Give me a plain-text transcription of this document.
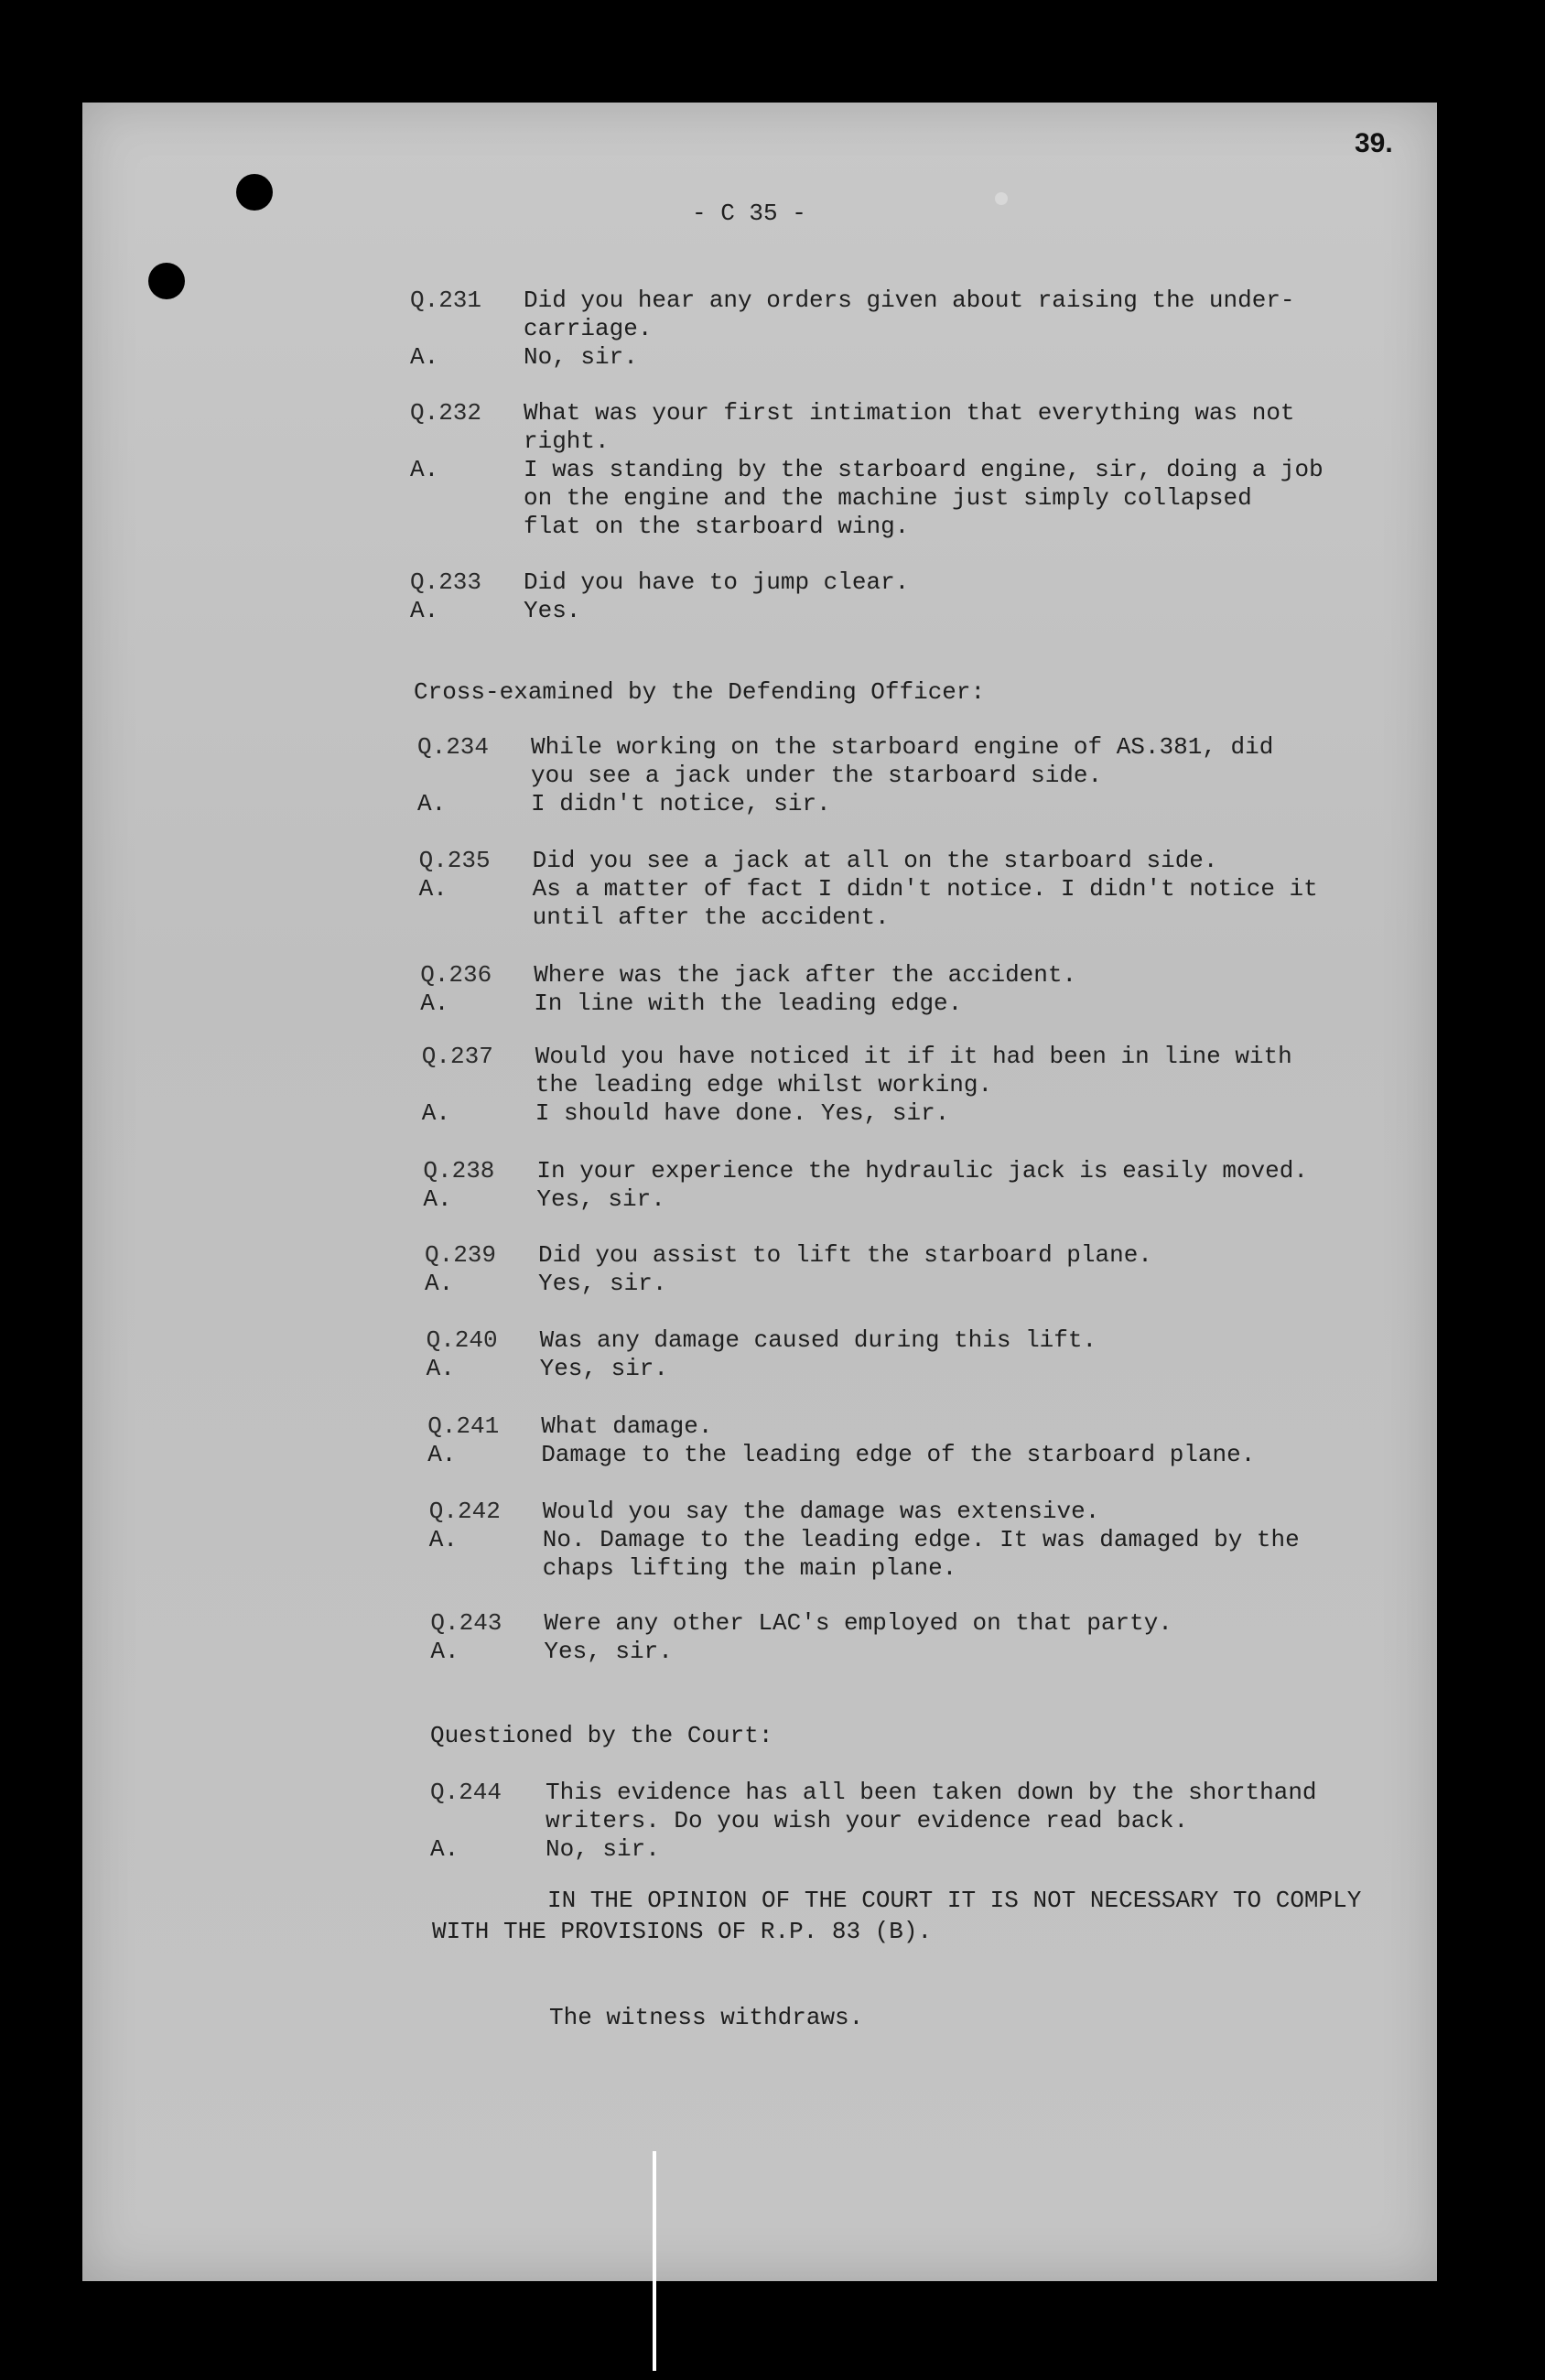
39.
- C 35 -
Q.231 Did you hear any orders given about raising the under-
carriage.
A.	No, sir.
Q.232 What was your first intimation that everything was not
right.
A.	I was standing by the starboard engine, sir, doing a job
on the engine and the machine just simply collapsed
flat on the starboard wing.
Q.233 Did you have to jump clear.
A.	Yes.
Cross-examined by the Defending Officer:
Q.234 While working on the starboard engine of AS.381, did
you see a jack under the starboard side.
A.	I didn't notice, sir.
Q.235 Did you see a jack at all on the starboard side.
A.	As a matter of fact I didn't notice. I didn't notice it
until after the accident.
Q.236 Where was the jack after the accident.
A.	In line with the leading edge.
Q.237 Would you have noticed it if it had been in line with
the leading edge whilst working.
A.	I should have done. Yes, sir.
Q.238 In your experience the hydraulic jack is easily moved.
A.	Yes, sir.
Q.239 Did you assist to lift the starboard plane.
A.	Yes, sir.
Q.240 Was any damage caused during this lift.
A.	Yes, sir.
Q.241 What damage.
A.	Damage to the leading edge of the starboard plane.
Q.242 Would you say the damage was extensive.
A.	No. Damage to the leading edge. It was damaged by the
chaps lifting the main plane.
Q.243 Were any other LAC's employed on that party.
A.	Yes, sir.
Questioned by the Court:
Q.244 This evidence has all been taken down by the shorthand
writers. Do you wish your evidence read back.
A.	No, sir.
IN THE OPINION OF THE COURT IT IS NOT NECESSARY TO COMPLY
WITH THE PROVISIONS OF R.P. 83 (B).
The witness withdraws.
